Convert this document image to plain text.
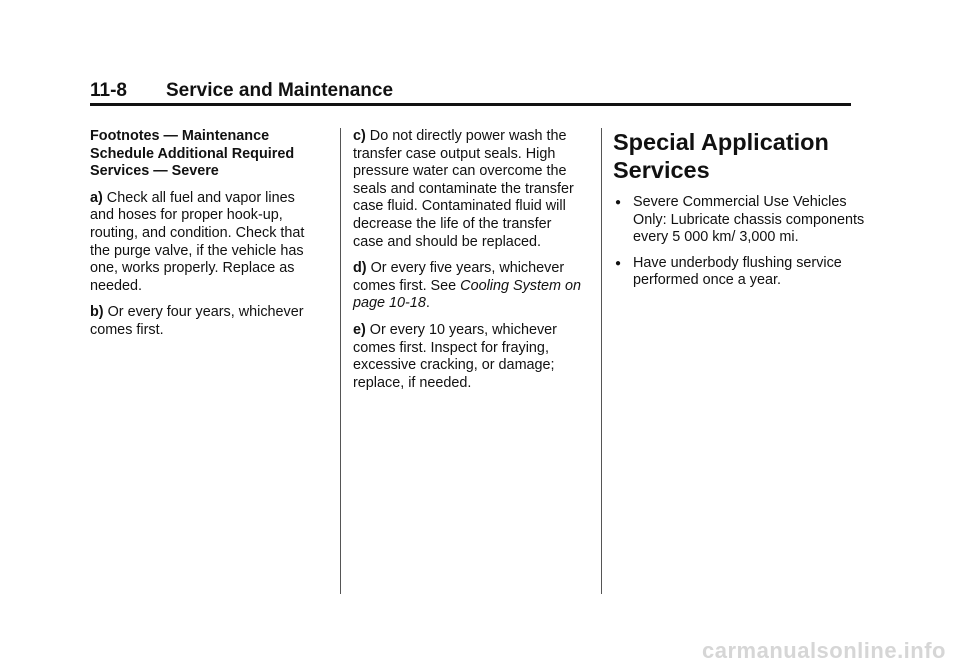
11-8	Service and Maintenance

Footnotes — Maintenance Schedule Additional Required Services — Severe

a) Check all fuel and vapor lines and hoses for proper hook-up, routing, and condition. Check that the purge valve, if the vehicle has one, works properly. Replace as needed.

b) Or every four years, whichever comes first.

c) Do not directly power wash the transfer case output seals. High pressure water can overcome the seals and contaminate the transfer case fluid. Contaminated fluid will decrease the life of the transfer case and should be replaced.

d) Or every five years, whichever comes first. See Cooling System on page 10-18.

e) Or every 10 years, whichever comes first. Inspect for fraying, excessive cracking, or damage; replace, if needed.

Special Application Services
● Severe Commercial Use Vehicles Only: Lubricate chassis components every 5 000 km/ 3,000 mi.
● Have underbody flushing service performed once a year.
carmanualsonline.info
